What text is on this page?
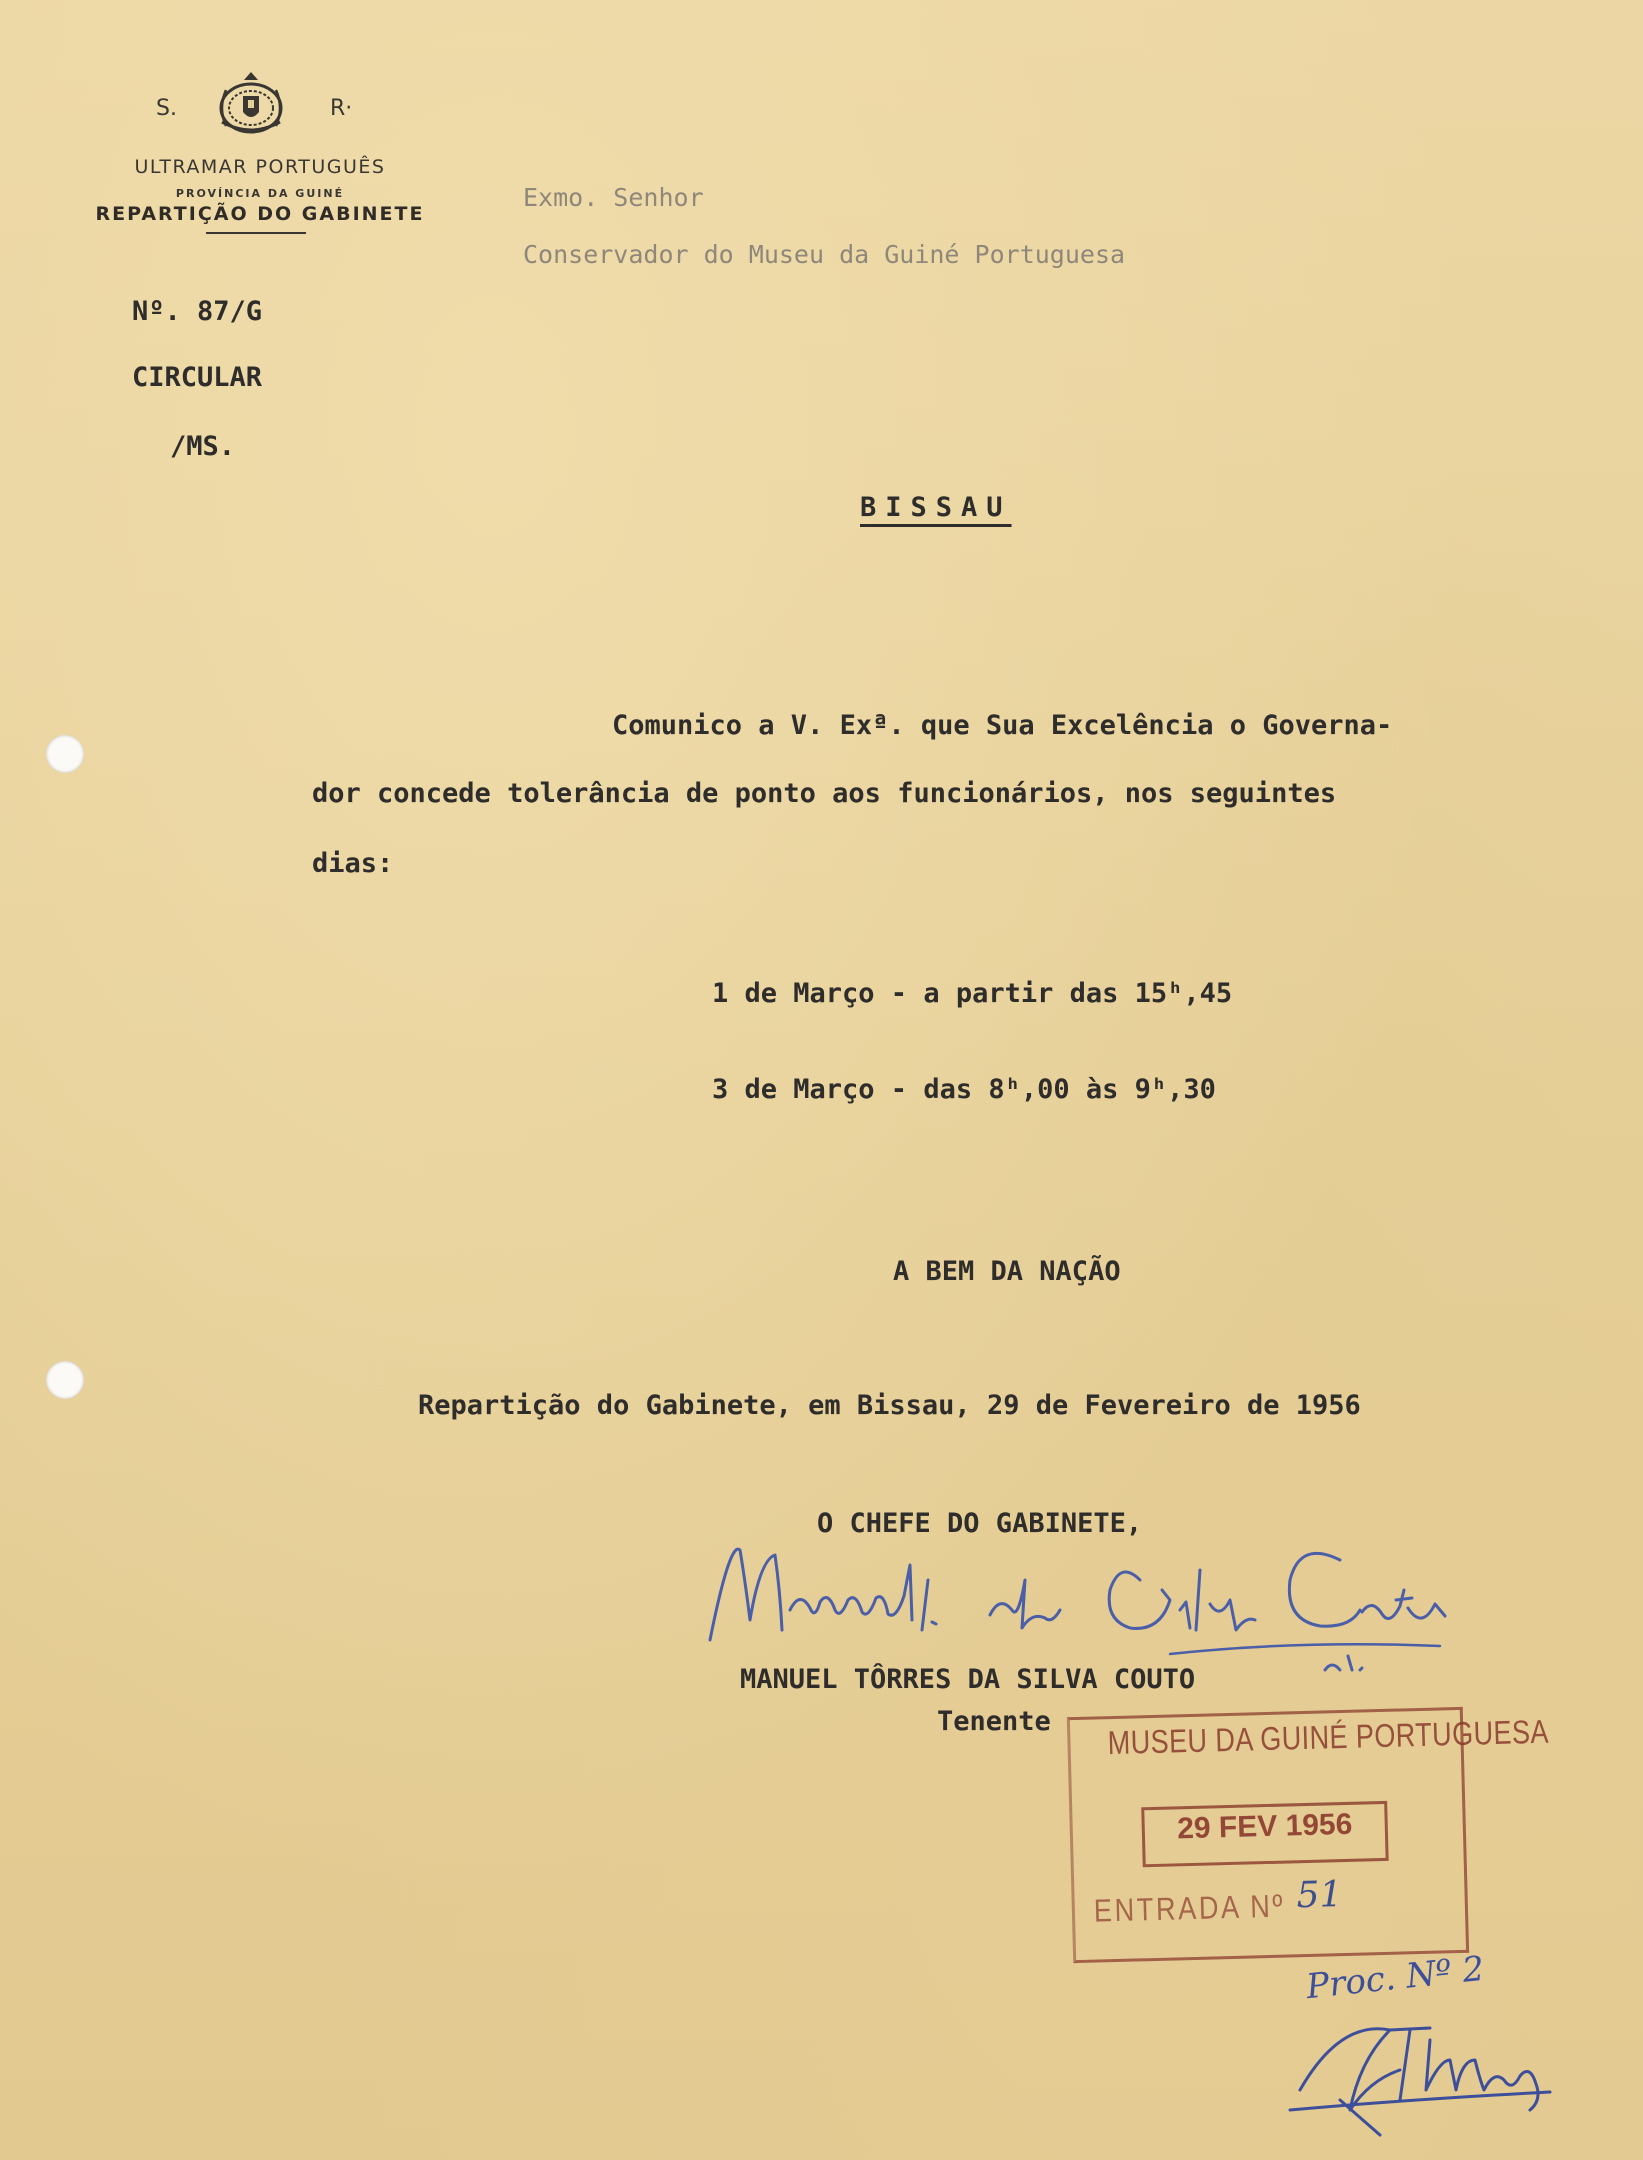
S.	R·
ULTRAMAR PORTUGUÊS
PROVÍNCIA DA GUINÉ
REPARTIÇÃO DO GABINETE
Nº. 87/G
CIRCULAR
/MS.
Exmo. Senhor
Conservador do Museu da Guiné Portuguesa
BISSAU
Comunico a V. Exª. que Sua Excelência o Governa-
dor concede tolerância de ponto aos funcionários, nos seguintes
dias:
1 de Março - a partir das 15ʰ,45
3 de Março - das 8ʰ,00 às 9ʰ,30
A BEM DA NAÇÃO
Repartição do Gabinete, em Bissau, 29 de Fevereiro de 1956
O CHEFE DO GABINETE,
MANUEL TÔRRES DA SILVA COUTO
Tenente MUSEU DA GUINÉ PORTUGUESA
29 FEV 1956
ENTRADA Nº 51
Proc. Nº 2
